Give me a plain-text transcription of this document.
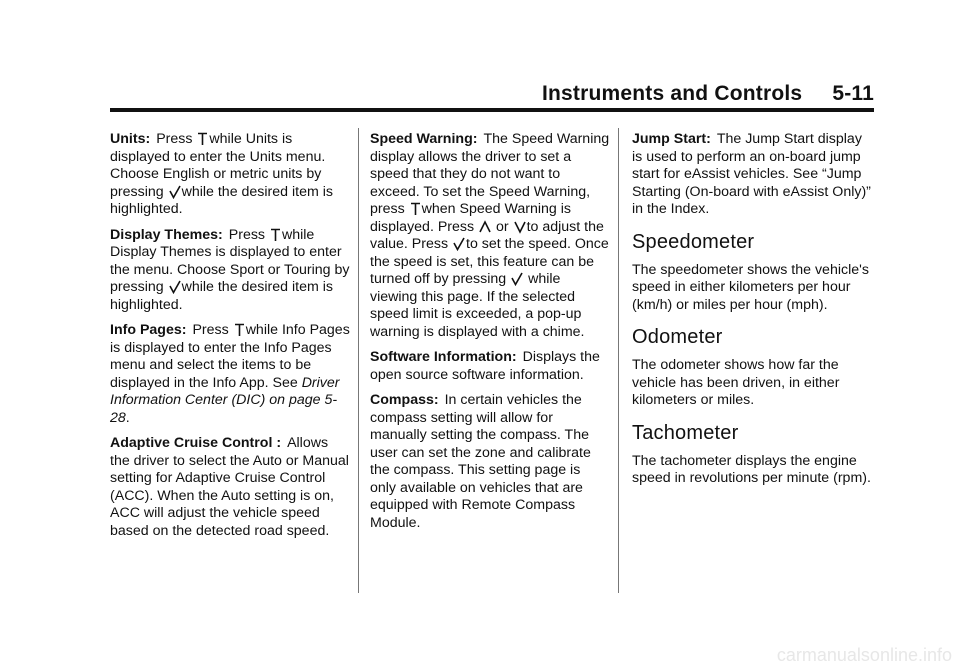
Instruments and Controls 5-11

Units: Press while Units is displayed to enter the Units menu. Choose English or metric units by pressing while the desired item is highlighted.

Display Themes: Press while Display Themes is displayed to enter the menu. Choose Sport or Touring by pressing while the desired item is highlighted.

Info Pages: Press while Info Pages is displayed to enter the Info Pages menu and select the items to be displayed in the Info App. See Driver Information Center (DIC) on page 5-28.

Adaptive Cruise Control : Allows the driver to select the Auto or Manual setting for Adaptive Cruise Control (ACC). When the Auto setting is on, ACC will adjust the vehicle speed based on the detected road speed.

Speed Warning: The Speed Warning display allows the driver to set a speed that they do not want to exceed. To set the Speed Warning, press when Speed Warning is displayed. Press or to adjust the value. Press to set the speed. Once the speed is set, this feature can be turned off by pressing while viewing this page. If the selected speed limit is exceeded, a pop-up warning is displayed with a chime.

Software Information: Displays the open source software information.

Compass: In certain vehicles the compass setting will allow for manually setting the compass. The user can set the zone and calibrate the compass. This setting page is only available on vehicles that are equipped with Remote Compass Module.

Jump Start: The Jump Start display is used to perform an on-board jump start for eAssist vehicles. See “Jump Starting (On-board with eAssist Only)” in the Index.

Speedometer

The speedometer shows the vehicle's speed in either kilometers per hour (km/h) or miles per hour (mph).

Odometer

The odometer shows how far the vehicle has been driven, in either kilometers or miles.

Tachometer

The tachometer displays the engine speed in revolutions per minute (rpm).

carmanualsonline.info
